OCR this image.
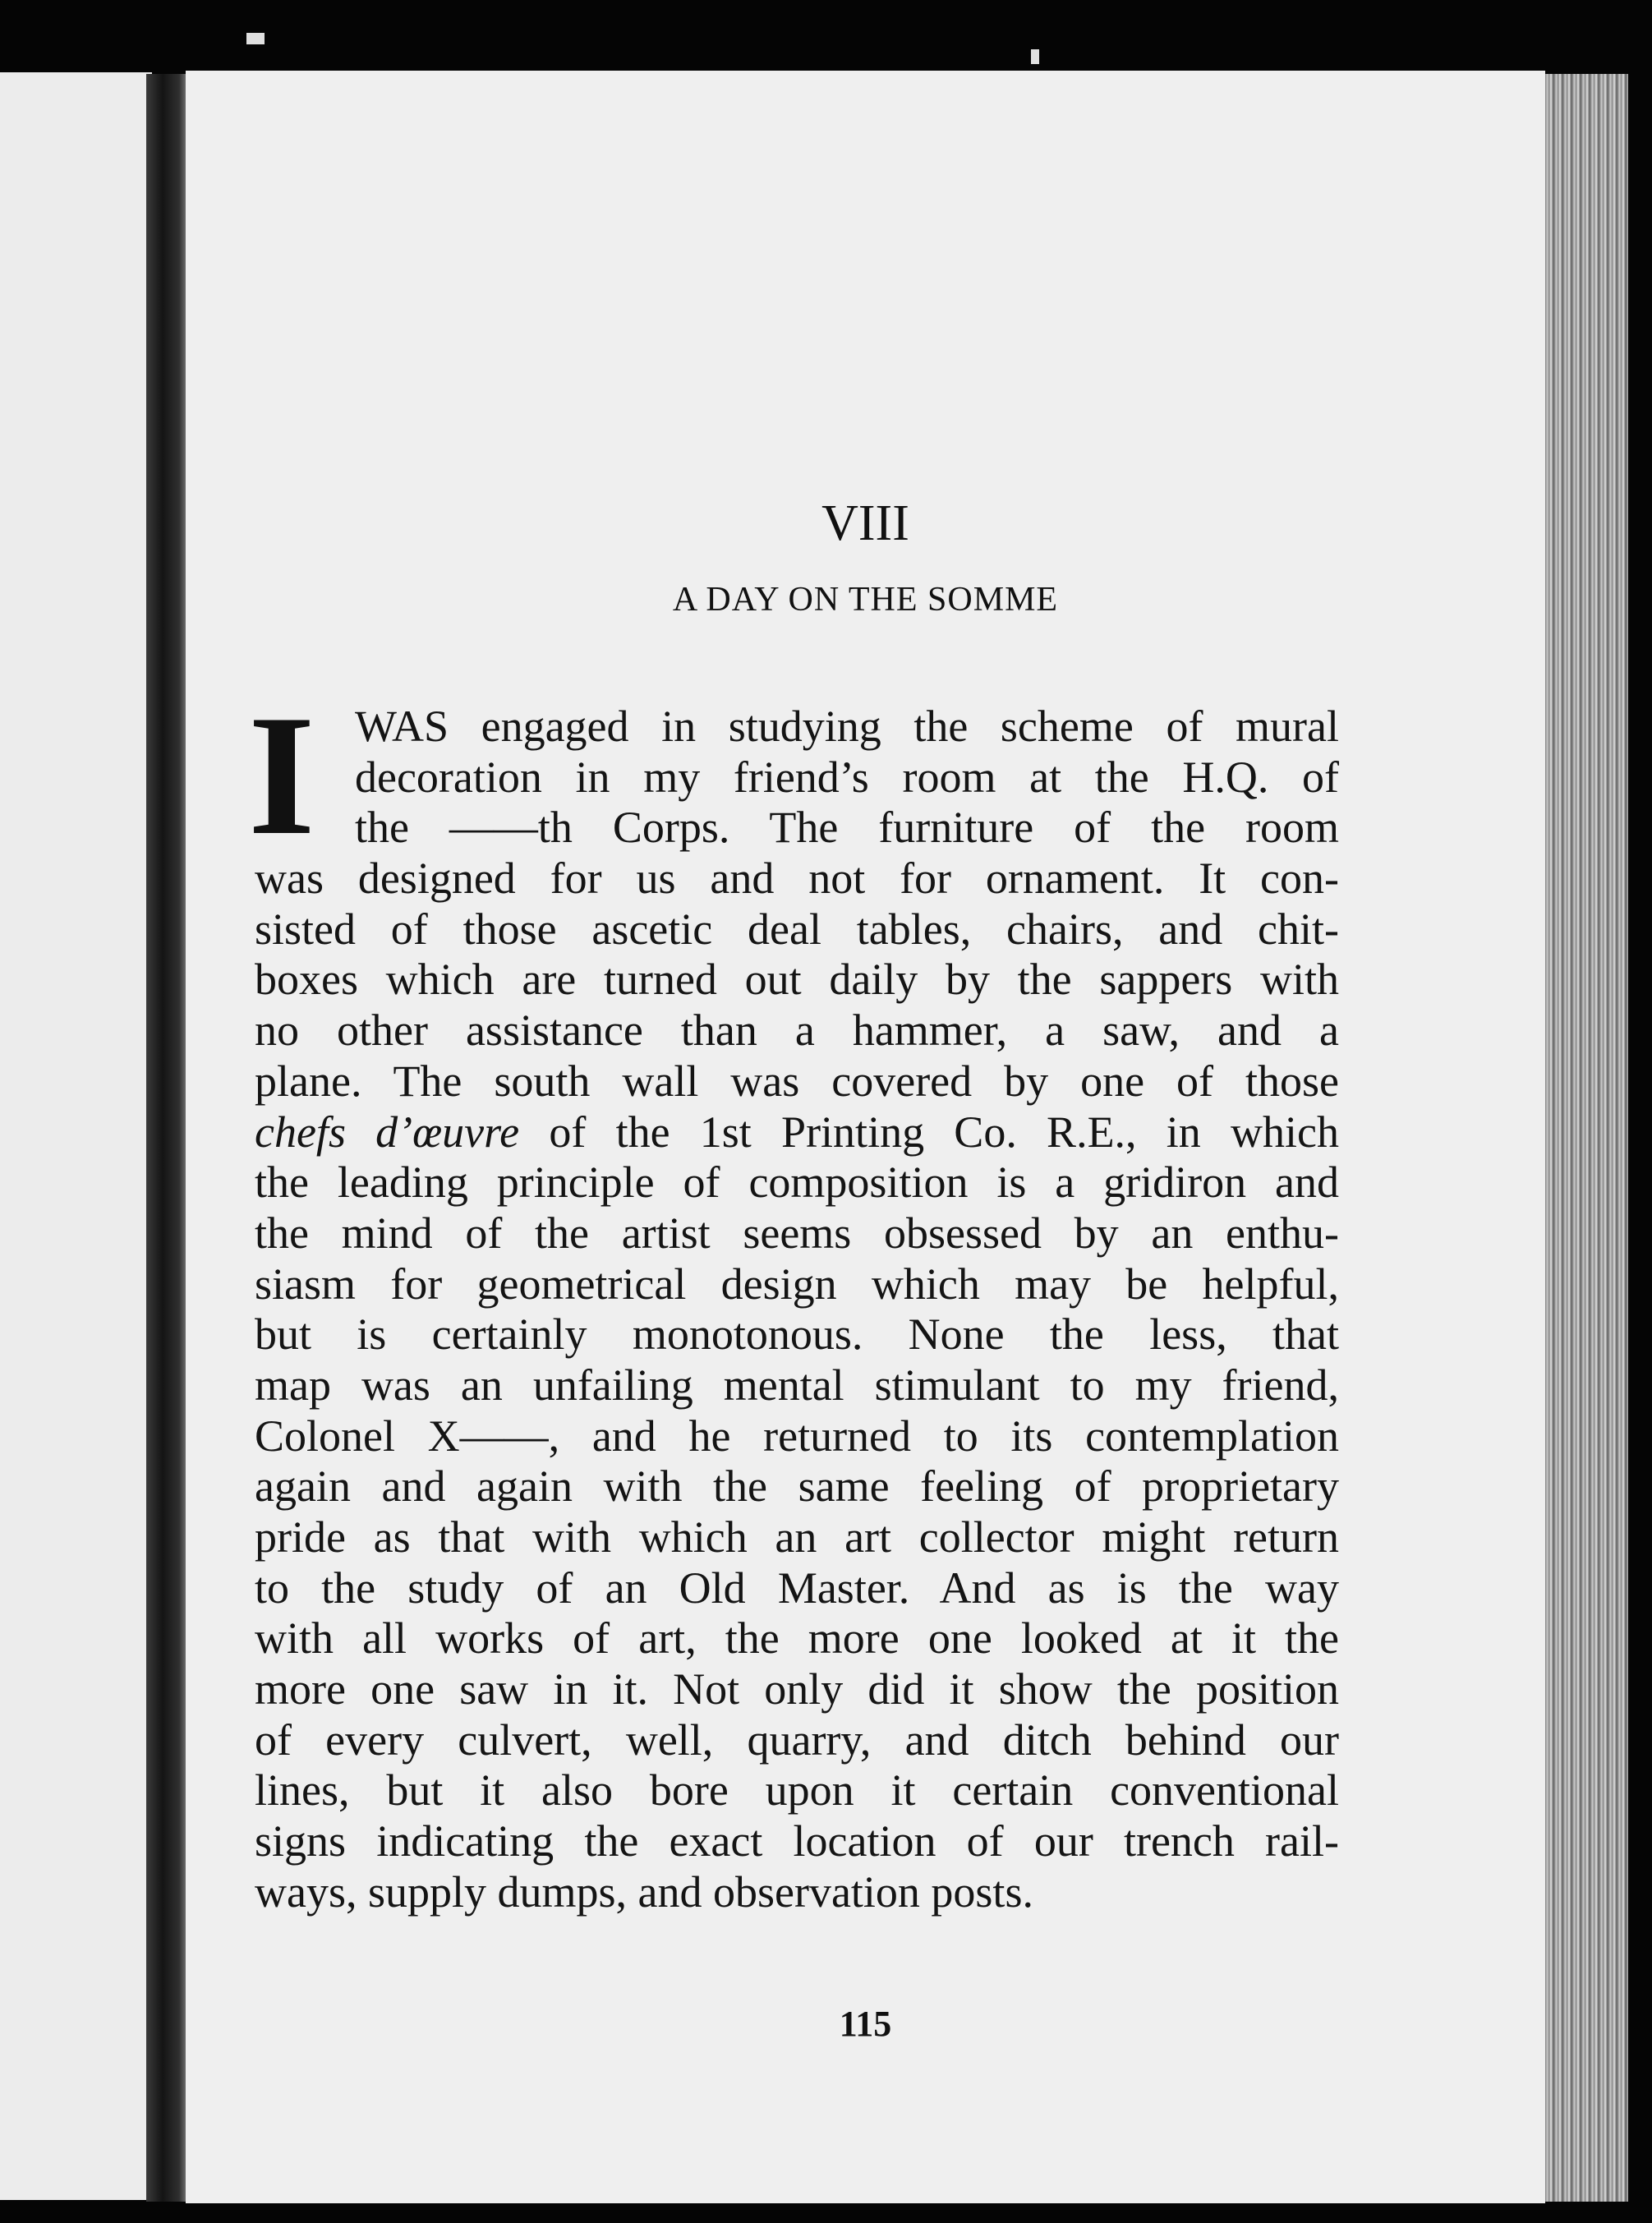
VIII
A DAY ON THE SOMME
I WAS engaged in studying the scheme of mural
decoration in my friend’s room at the H.Q. of
the ——th Corps. The furniture of the room
was designed for us and not for ornament. It con-
sisted of those ascetic deal tables, chairs, and chit-
boxes which are turned out daily by the sappers with
no other assistance than a hammer, a saw, and a
plane. The south wall was covered by one of those
chefs d’œuvre of the 1st Printing Co. R.E., in which
the leading principle of composition is a gridiron and
the mind of the artist seems obsessed by an enthu-
siasm for geometrical design which may be helpful,
but is certainly monotonous. None the less, that
map was an unfailing mental stimulant to my friend,
Colonel X——, and he returned to its contemplation
again and again with the same feeling of proprietary
pride as that with which an art collector might return
to the study of an Old Master. And as is the way
with all works of art, the more one looked at it the
more one saw in it. Not only did it show the position
of every culvert, well, quarry, and ditch behind our
lines, but it also bore upon it certain conventional
signs indicating the exact location of our trench rail-
ways, supply dumps, and observation posts.
115
